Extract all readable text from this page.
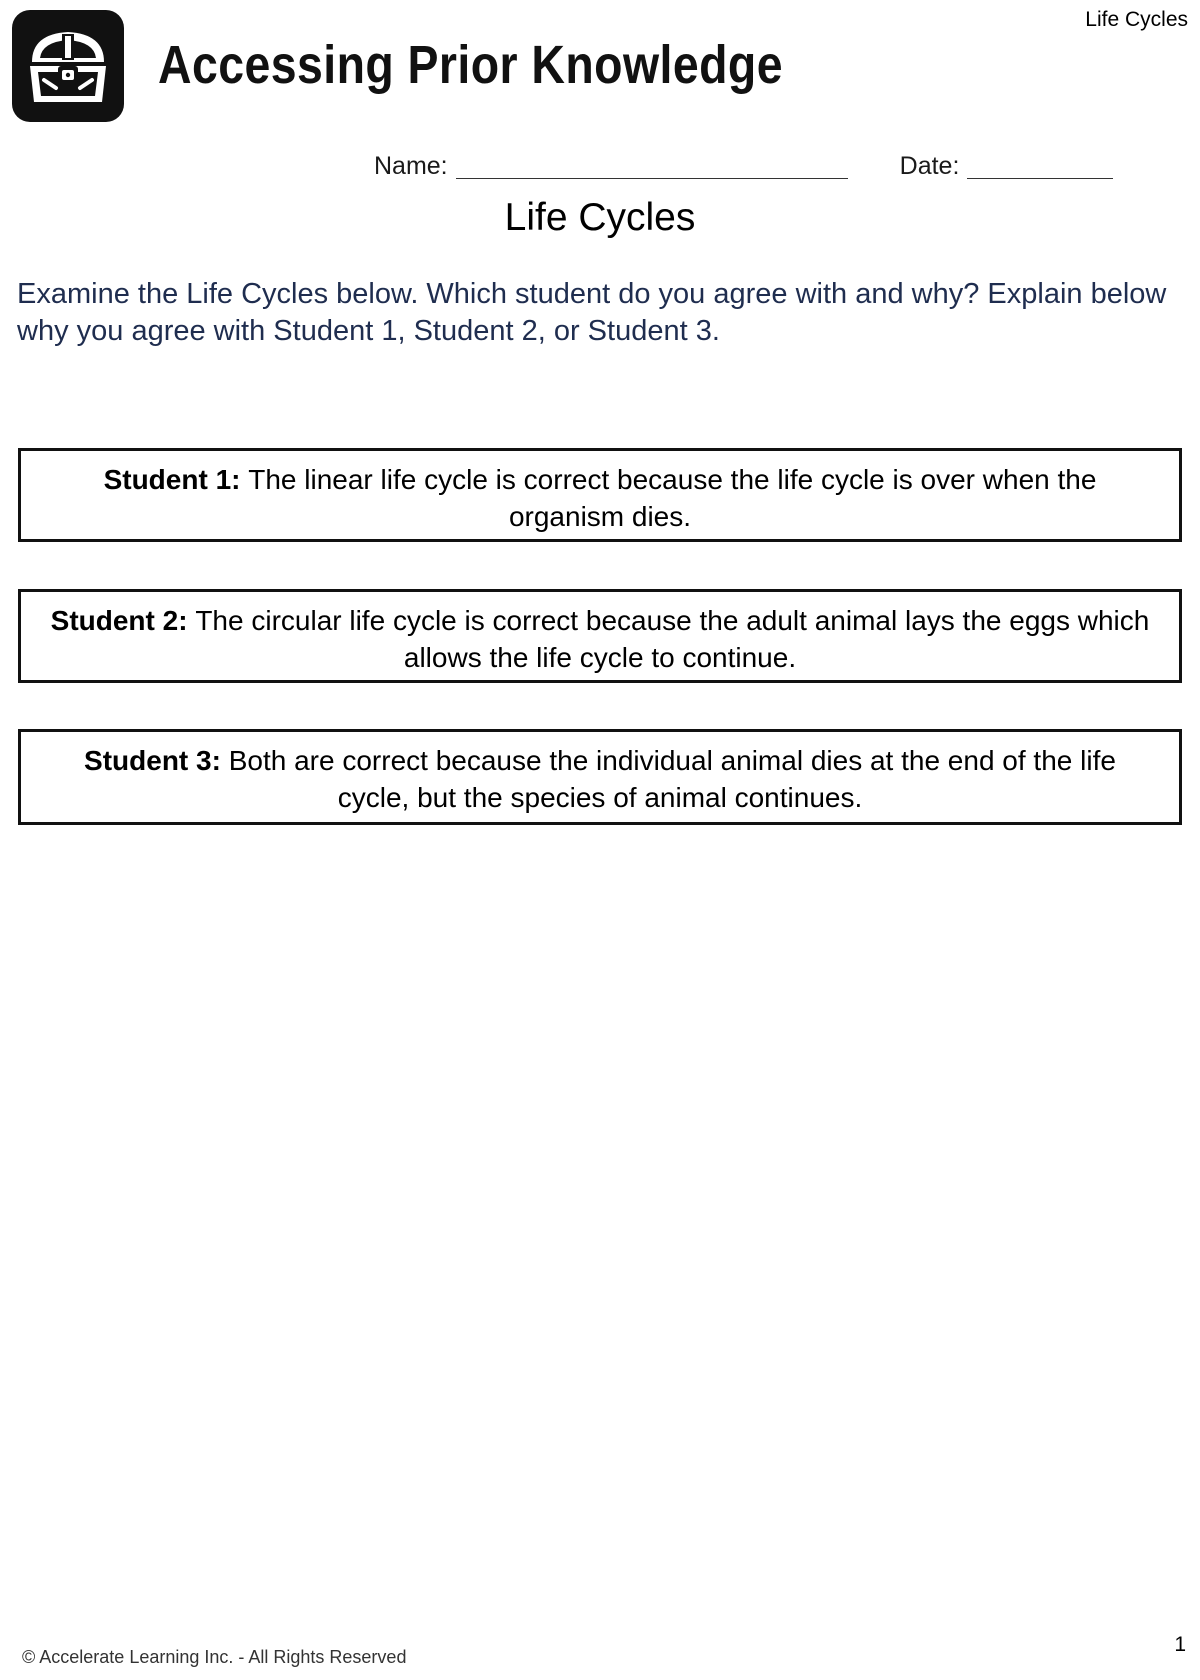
Life Cycles
Accessing Prior Knowledge
Name:	Date:
Life Cycles

Examine the Life Cycles below. Which student do you agree with and why? Explain below why you agree with Student 1, Student 2, or Student 3.

Student 1: The linear life cycle is correct because the life cycle is over when the organism dies.
Student 2: The circular life cycle is correct because the adult animal lays the eggs which allows the life cycle to continue.
Student 3: Both are correct because the individual animal dies at the end of the life cycle, but the species of animal continues.
© Accelerate Learning Inc. - All Rights Reserved
1
